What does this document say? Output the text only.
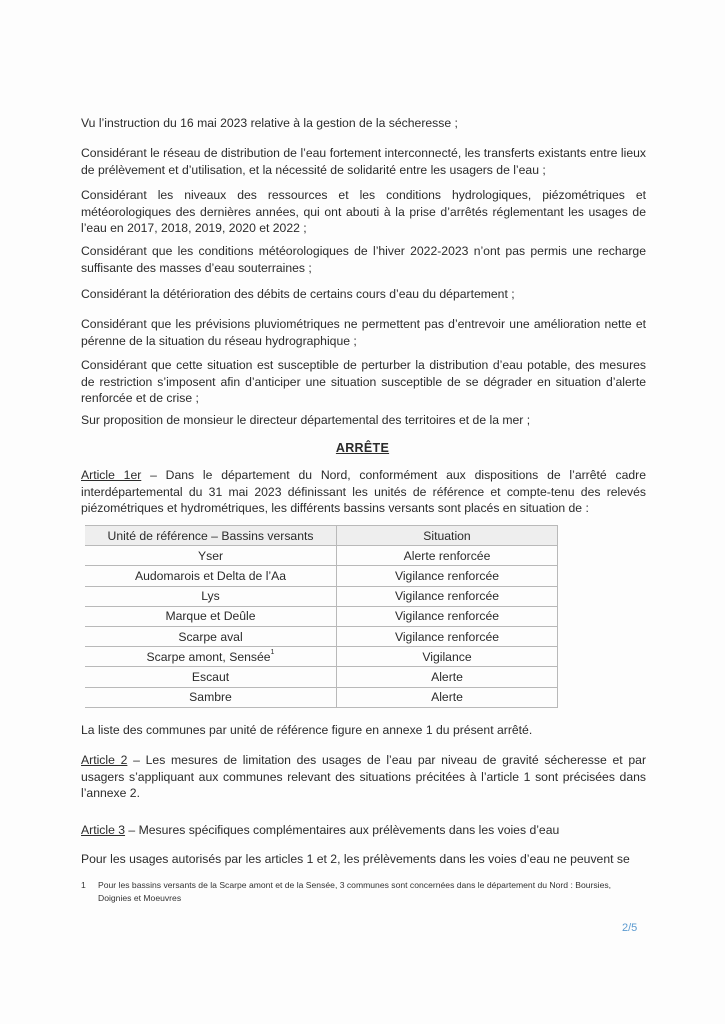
Vu l’instruction du 16 mai 2023 relative à la gestion de la sécheresse ;

Considérant le réseau de distribution de l’eau fortement interconnecté, les transferts existants entre lieux de prélèvement et d’utilisation, et la nécessité de solidarité entre les usagers de l’eau ;

Considérant les niveaux des ressources et les conditions hydrologiques, piézométriques et météorologiques des dernières années, qui ont abouti à la prise d’arrêtés réglementant les usages de l’eau en 2017, 2018, 2019, 2020 et 2022 ;

Considérant que les conditions météorologiques de l’hiver 2022-2023 n’ont pas permis une recharge suffisante des masses d’eau souterraines ;

Considérant la détérioration des débits de certains cours d’eau du département ;

Considérant que les prévisions pluviométriques ne permettent pas d’entrevoir une amélioration nette et pérenne de la situation du réseau hydrographique ;

Considérant que cette situation est susceptible de perturber la distribution d’eau potable, des mesures de restriction s’imposent afin d’anticiper une situation susceptible de se dégrader en situation d’alerte renforcée et de crise ;

Sur proposition de monsieur le directeur départemental des territoires et de la mer ;

ARRÊTE

Article 1er – Dans le département du Nord, conformément aux dispositions de l’arrêté cadre interdépartemental du 31 mai 2023 définissant les unités de référence et compte-tenu des relevés piézométriques et hydrométriques, les différents bassins versants sont placés en situation de :

Unité de référence – Bassins versants	Situation
Yser	Alerte renforcée
Audomarois et Delta de l’Aa	Vigilance renforcée
Lys	Vigilance renforcée
Marque et Deûle	Vigilance renforcée
Scarpe aval	Vigilance renforcée
Scarpe amont, Sensée$^1$	Vigilance
Escaut	Alerte
Sambre	Alerte

La liste des communes par unité de référence figure en annexe 1 du présent arrêté.

Article 2 – Les mesures de limitation des usages de l’eau par niveau de gravité sécheresse et par usagers s’appliquant aux communes relevant des situations précitées à l’article 1 sont précisées dans l’annexe 2.

Article 3 – Mesures spécifiques complémentaires aux prélèvements dans les voies d’eau

Pour les usages autorisés par les articles 1 et 2, les prélèvements dans les voies d’eau ne peuvent se

1 Pour les bassins versants de la Scarpe amont et de la Sensée, 3 communes sont concernées dans le département du Nord : Boursies, Doignies et Moeuvres
2/5
